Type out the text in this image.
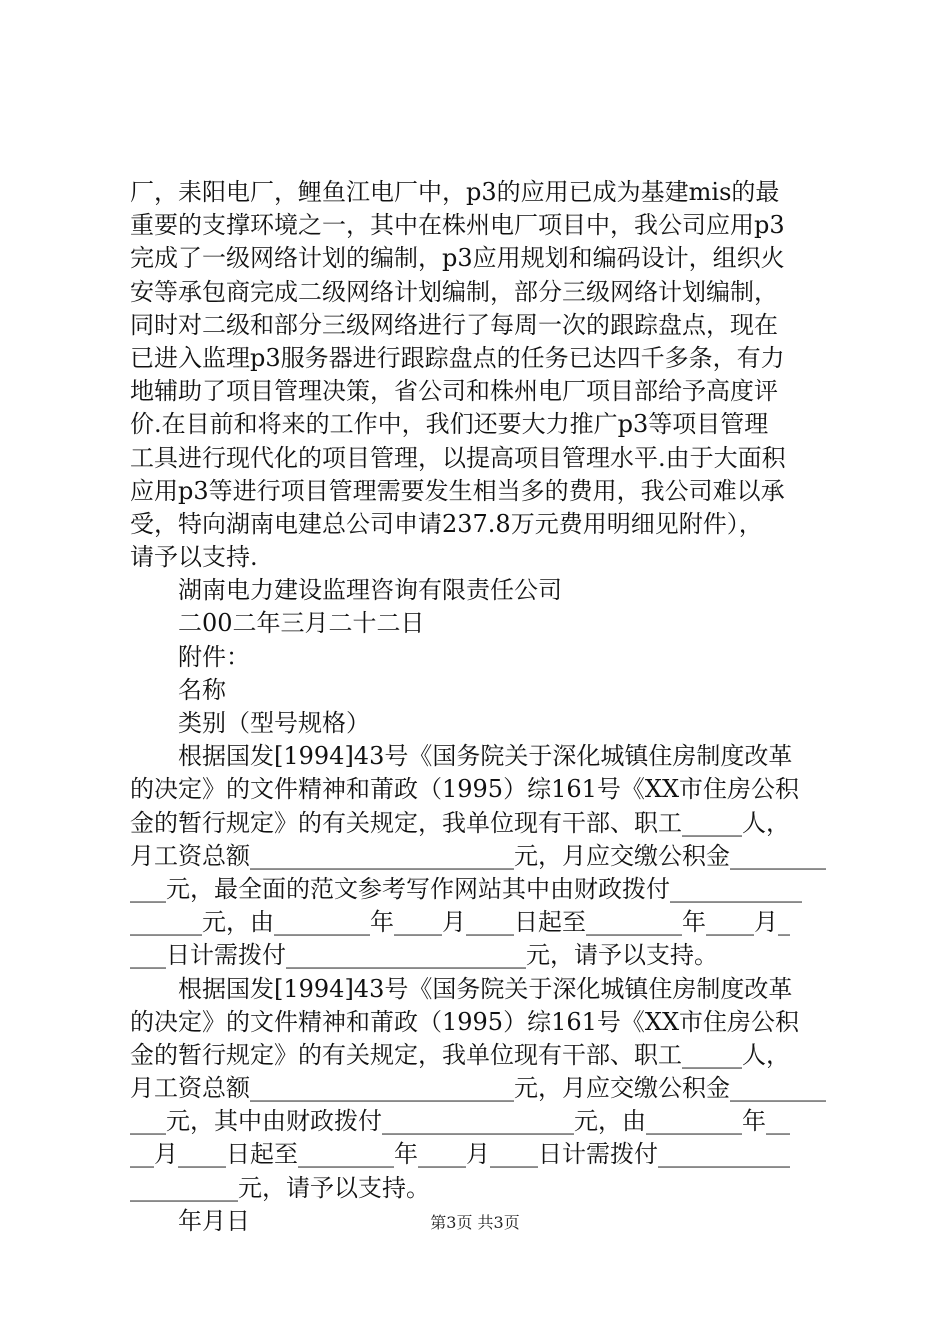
厂，耒阳电厂，鲤鱼江电厂中，p3的应用已成为基建mis的最
重要的支撑环境之一，其中在株州电厂项目中，我公司应用p3
完成了一级网络计划的编制，p3应用规划和编码设计，组织火
安等承包商完成二级网络计划编制，部分三级网络计划编制，
同时对二级和部分三级网络进行了每周一次的跟踪盘点，现在
已进入监理p3服务器进行跟踪盘点的任务已达四千多条，有力
地辅助了项目管理决策，省公司和株州电厂项目部给予高度评
价.在目前和将来的工作中，我们还要大力推广p3等项目管理
工具进行现代化的项目管理，以提高项目管理水平.由于大面积
应用p3等进行项目管理需要发生相当多的费用，我公司难以承
受，特向湖南电建总公司申请237.8万元费用明细见附件），
请予以支持.
湖南电力建设监理咨询有限责任公司
二00二年三月二十二日
附件：
名称
类别（型号规格）
根据国发[1994]43号《国务院关于深化城镇住房制度改革
的决定》的文件精神和莆政（1995）综161号《XX市住房公积
金的暂行规定》的有关规定，我单位现有干部、职工_____人，
月工资总额______________________元，月应交缴公积金________
___元，最全面的范文参考写作网站其中由财政拨付___________
______元，由________年____月____日起至________年____月_
___日计需拨付____________________元，请予以支持。
根据国发[1994]43号《国务院关于深化城镇住房制度改革
的决定》的文件精神和莆政（1995）综161号《XX市住房公积
金的暂行规定》的有关规定，我单位现有干部、职工_____人，
月工资总额______________________元，月应交缴公积金________
___元，其中由财政拨付________________元，由________年__
__月____日起至________年____月____日计需拨付___________
_________元，请予以支持。
年月日	第3页 共3页
